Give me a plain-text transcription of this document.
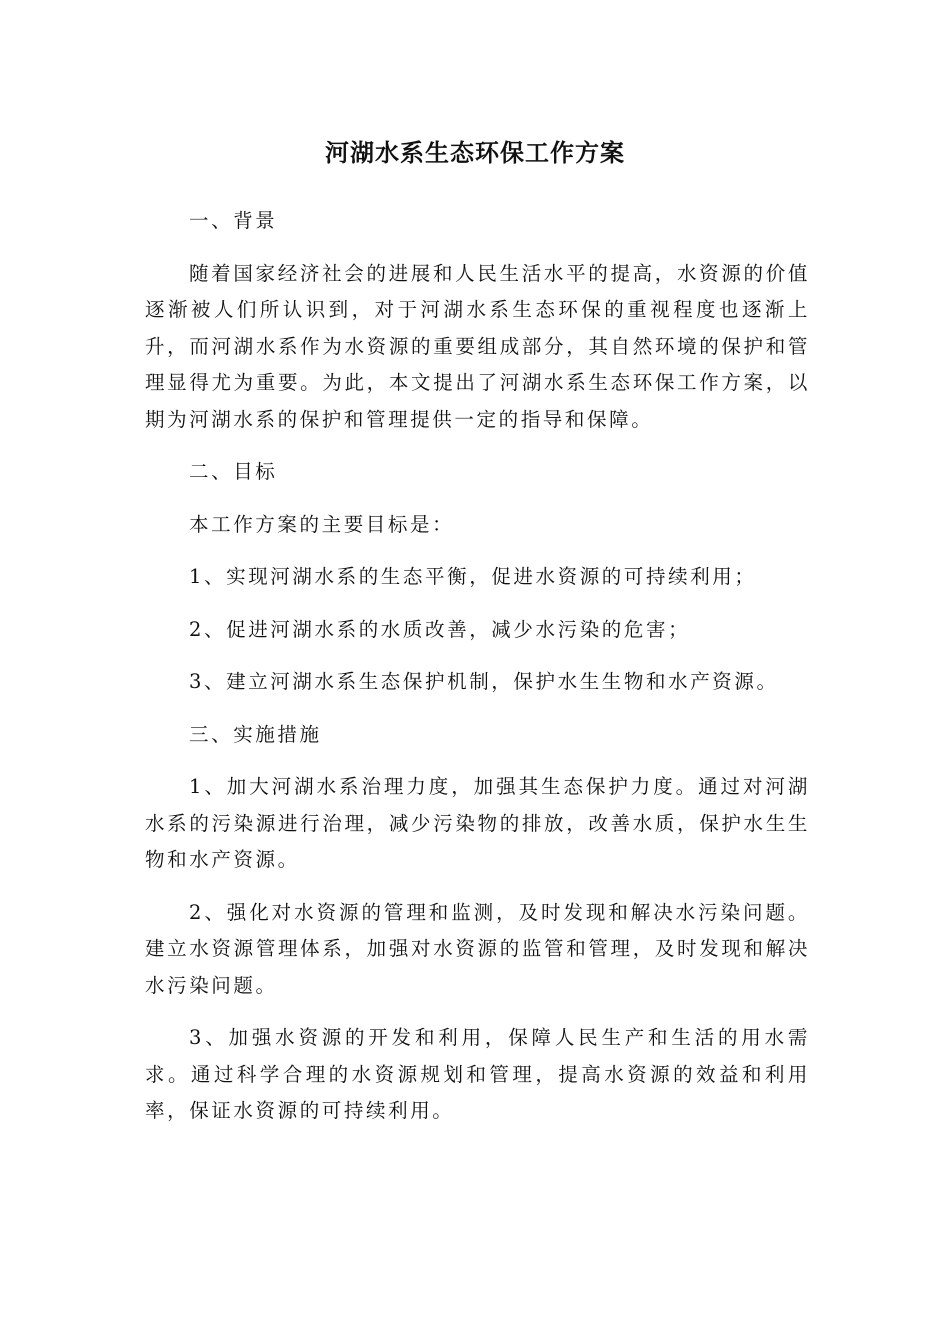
河湖水系生态环保工作方案

一、背景

随着国家经济社会的进展和人民生活水平的提高，水资源的价值逐渐被人们所认识到，对于河湖水系生态环保的重视程度也逐渐上升，而河湖水系作为水资源的重要组成部分，其自然环境的保护和管理显得尤为重要。为此，本文提出了河湖水系生态环保工作方案，以期为河湖水系的保护和管理提供一定的指导和保障。

二、目标

本工作方案的主要目标是：

1、实现河湖水系的生态平衡，促进水资源的可持续利用；

2、促进河湖水系的水质改善，减少水污染的危害；

3、建立河湖水系生态保护机制，保护水生生物和水产资源。

三、实施措施

1、加大河湖水系治理力度，加强其生态保护力度。通过对河湖水系的污染源进行治理，减少污染物的排放，改善水质，保护水生生物和水产资源。

2、强化对水资源的管理和监测，及时发现和解决水污染问题。建立水资源管理体系，加强对水资源的监管和管理，及时发现和解决水污染问题。

3、加强水资源的开发和利用，保障人民生产和生活的用水需求。通过科学合理的水资源规划和管理，提高水资源的效益和利用率，保证水资源的可持续利用。
